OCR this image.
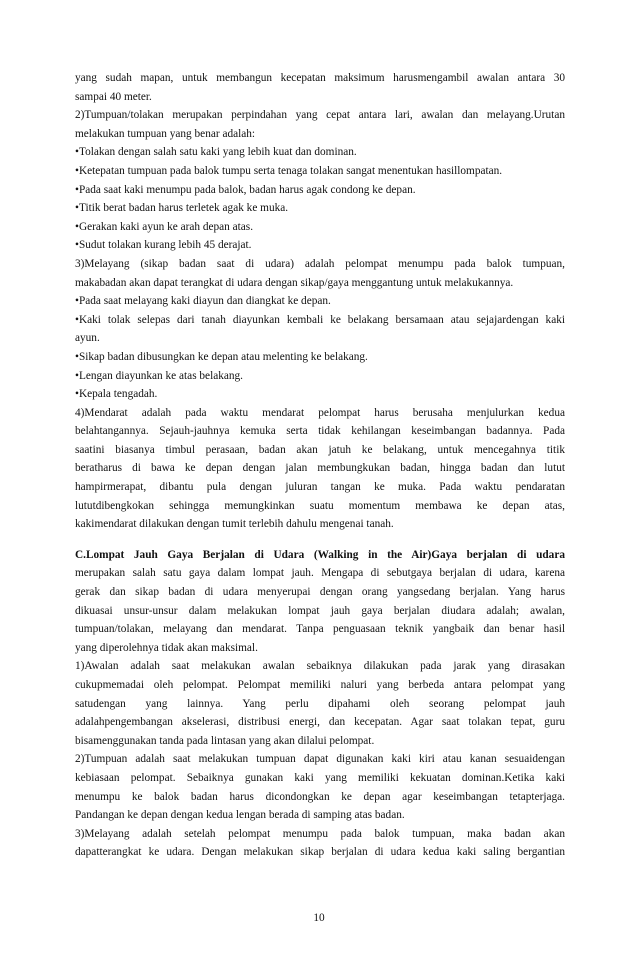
yang sudah mapan, untuk membangun kecepatan maksimum harusmengambil awalan antara 30
sampai 40 meter.
2)Tumpuan/tolakan merupakan perpindahan yang cepat antara lari, awalan dan melayang.Urutan
melakukan tumpuan yang benar adalah:
•Tolakan dengan salah satu kaki yang lebih kuat dan dominan.
•Ketepatan tumpuan pada balok tumpu serta tenaga tolakan sangat menentukan hasillompatan.
•Pada saat kaki menumpu pada balok, badan harus agak condong ke depan.
•Titik berat badan harus terletek agak ke muka.
•Gerakan kaki ayun ke arah depan atas.
•Sudut tolakan kurang lebih 45 derajat.
3)Melayang (sikap badan saat di udara) adalah pelompat menumpu pada balok tumpuan,
makabadan akan dapat terangkat di udara dengan sikap/gaya menggantung untuk melakukannya.
•Pada saat melayang kaki diayun dan diangkat ke depan.
•Kaki tolak selepas dari tanah diayunkan kembali ke belakang bersamaan atau sejajardengan kaki
ayun.
•Sikap badan dibusungkan ke depan atau melenting ke belakang.
•Lengan diayunkan ke atas belakang.
•Kepala tengadah.
4)Mendarat adalah pada waktu mendarat pelompat harus berusaha menjulurkan kedua
belahtangannya. Sejauh-jauhnya kemuka serta tidak kehilangan keseimbangan badannya. Pada
saatini biasanya timbul perasaan, badan akan jatuh ke belakang, untuk mencegahnya titik
beratharus di bawa ke depan dengan jalan membungkukan badan, hingga badan dan lutut
hampirmerapat, dibantu pula dengan juluran tangan ke muka. Pada waktu pendaratan
lututdibengkokan sehingga memungkinkan suatu momentum membawa ke depan atas,
kakimendarat dilakukan dengan tumit terlebih dahulu mengenai tanah.
C.Lompat Jauh Gaya Berjalan di Udara (Walking in the Air)Gaya berjalan di udara
merupakan salah satu gaya dalam lompat jauh. Mengapa di sebutgaya berjalan di udara, karena
gerak dan sikap badan di udara menyerupai dengan orang yangsedang berjalan. Yang harus
dikuasai unsur-unsur dalam melakukan lompat jauh gaya berjalan diudara adalah; awalan,
tumpuan/tolakan, melayang dan mendarat. Tanpa penguasaan teknik yangbaik dan benar hasil
yang diperolehnya tidak akan maksimal.
1)Awalan adalah saat melakukan awalan sebaiknya dilakukan pada jarak yang dirasakan
cukupmemadai oleh pelompat. Pelompat memiliki naluri yang berbeda antara pelompat yang
satudengan yang lainnya. Yang perlu dipahami oleh seorang pelompat jauh
adalahpengembangan akselerasi, distribusi energi, dan kecepatan. Agar saat tolakan tepat, guru
bisamenggunakan tanda pada lintasan yang akan dilalui pelompat.
2)Tumpuan adalah saat melakukan tumpuan dapat digunakan kaki kiri atau kanan sesuaidengan
kebiasaan pelompat. Sebaiknya gunakan kaki yang memiliki kekuatan dominan.Ketika kaki
menumpu ke balok badan harus dicondongkan ke depan agar keseimbangan tetapterjaga.
Pandangan ke depan dengan kedua lengan berada di samping atas badan.
3)Melayang adalah setelah pelompat menumpu pada balok tumpuan, maka badan akan
dapatterangkat ke udara. Dengan melakukan sikap berjalan di udara kedua kaki saling bergantian
10
